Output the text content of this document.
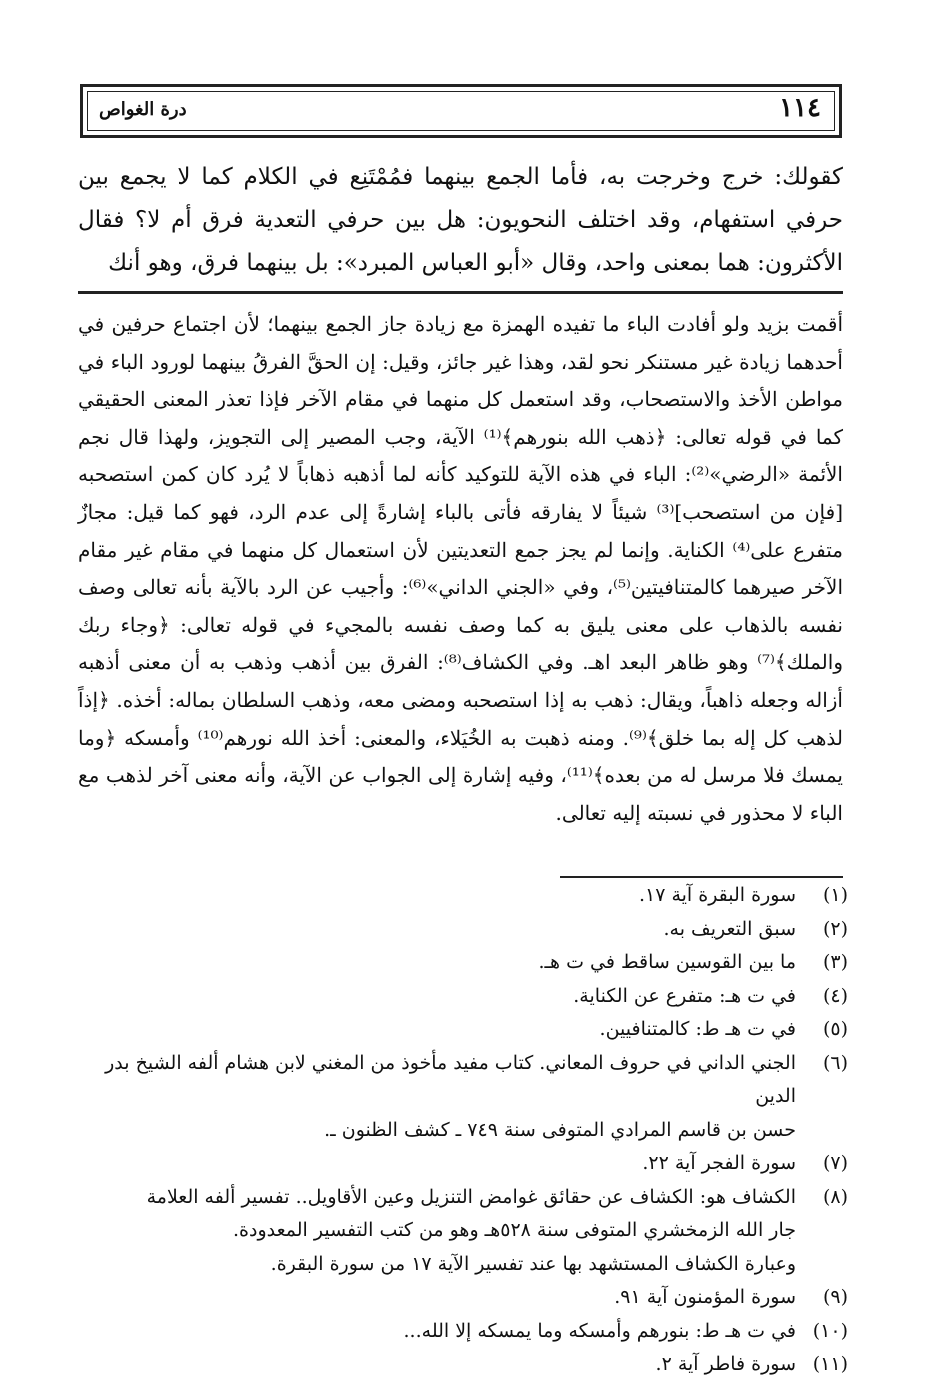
١١٤
درة الغواص

كقولك: خرج وخرجت به، فأما الجمع بينهما فمُمْتَنِع في الكلام كما لا يجمع بين حرفي استفهام، وقد اختلف النحويون: هل بين حرفي التعدية فرق أم لا؟ فقال الأكثرون: هما بمعنى واحد، وقال «أبو العباس المبرد»: بل بينهما فرق، وهو أنك

أقمت بزيد ولو أفادت الباء ما تفيده الهمزة مع زيادة جاز الجمع بينهما؛ لأن اجتماع حرفين في أحدهما زيادة غير مستنكر نحو لقد، وهذا غير جائز، وقيل: إن الحقَّ الفرقُ بينهما لورود الباء في مواطن الأخذ والاستصحاب، وقد استعمل كل منهما في مقام الآخر فإذا تعذر المعنى الحقيقي كما في قوله تعالى: ﴿ذهب الله بنورهم﴾⁽¹⁾ الآية، وجب المصير إلى التجويز، ولهذا قال نجم الأئمة «الرضي»⁽²⁾: الباء في هذه الآية للتوكيد كأنه لما أذهبه ذهاباً لا يُرد كان كمن استصحبه [فإن من استصحب]⁽³⁾ شيئاً لا يفارقه فأتى بالباء إشارةً إلى عدم الرد، فهو كما قيل: مجازٌ متفرع على⁽⁴⁾ الكناية. وإنما لم يجز جمع التعديتين لأن استعمال كل منهما في مقام غير مقام الآخر صيرهما كالمتنافيتين⁽⁵⁾، وفي «الجني الداني»⁽⁶⁾: وأجيب عن الرد بالآية بأنه تعالى وصف نفسه بالذهاب على معنى يليق به كما وصف نفسه بالمجيء في قوله تعالى: ﴿وجاء ربك والملك﴾⁽⁷⁾ وهو ظاهر البعد اهـ. وفي الكشاف⁽⁸⁾: الفرق بين أذهب وذهب به أن معنى أذهبه أزاله وجعله ذاهباً، ويقال: ذهب به إذا استصحبه ومضى معه، وذهب السلطان بماله: أخذه. ﴿إذاً لذهب كل إله بما خلق﴾⁽⁹⁾. ومنه ذهبت به الخُيَلاء، والمعنى: أخذ الله نورهم⁽¹⁰⁾ وأمسكه ﴿وما يمسك فلا مرسل له من بعده﴾⁽¹¹⁾، وفيه إشارة إلى الجواب عن الآية، وأنه معنى آخر لذهب مع الباء لا محذور في نسبته إليه تعالى.

(١)
سورة البقرة آية ١٧.
(٢)
سبق التعريف به.
(٣)
ما بين القوسين ساقط في ت هـ.
(٤)
في ت هـ: متفرع عن الكناية.
(٥)
في ت هـ ط: كالمتنافيين.
(٦)
الجني الداني في حروف المعاني. كتاب مفيد مأخوذ من المغني لابن هشام ألفه الشيخ بدر الدين
حسن بن قاسم المرادي المتوفى سنة ٧٤٩ ـ كشف الظنون ـ.
(٧)
سورة الفجر آية ٢٢.
(٨)
الكشاف هو: الكشاف عن حقائق غوامض التنزيل وعين الأقاويل.. تفسير ألفه العلامة
جار الله الزمخشري المتوفى سنة ٥٢٨هـ وهو من كتب التفسير المعدودة.
وعبارة الكشاف المستشهد بها عند تفسير الآية ١٧ من سورة البقرة.
(٩)
سورة المؤمنون آية ٩١.
(١٠)
في ت هـ ط: بنورهم وأمسكه وما يمسكه إلا الله...
(١١)
سورة فاطر آية ٢.
